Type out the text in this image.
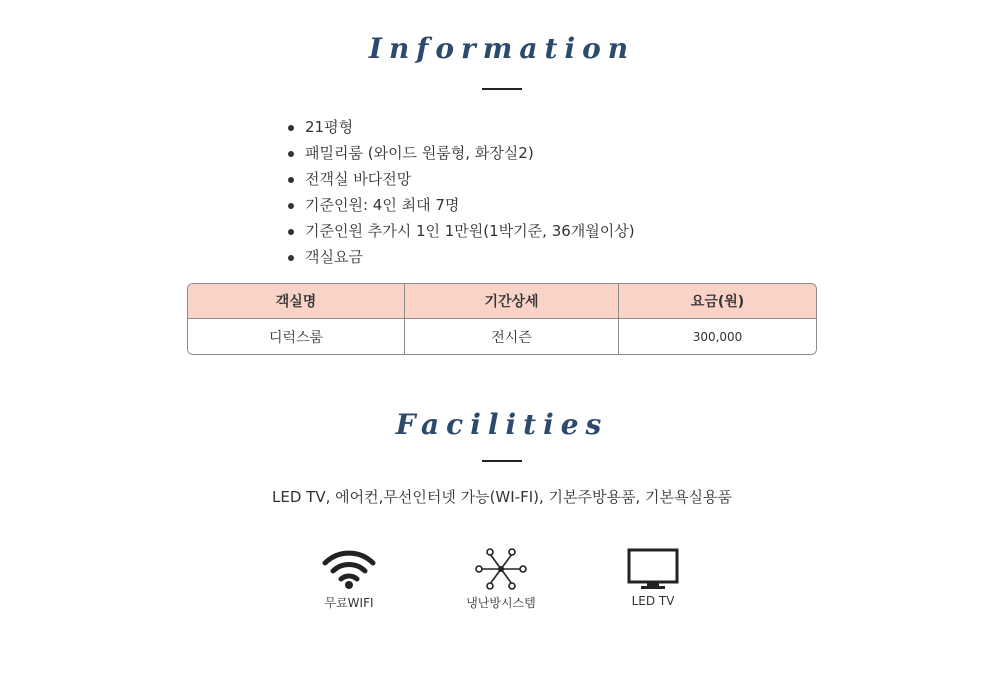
Information
21평형
패밀리룸 (와이드 원룸형, 화장실2)
전객실 바다전망
기준인원: 4인 최대 7명
기준인원 추가시 1인 1만원(1박기준, 36개월이상)
객실요금
객실명	기간상세	요금(원)
디럭스룸	전시즌	300,000
Facilities
LED TV, 에어컨,무선인터넷 가능(WI-FI), 기본주방용품, 기본욕실용품
무료WIFI	냉난방시스템	LED TV
